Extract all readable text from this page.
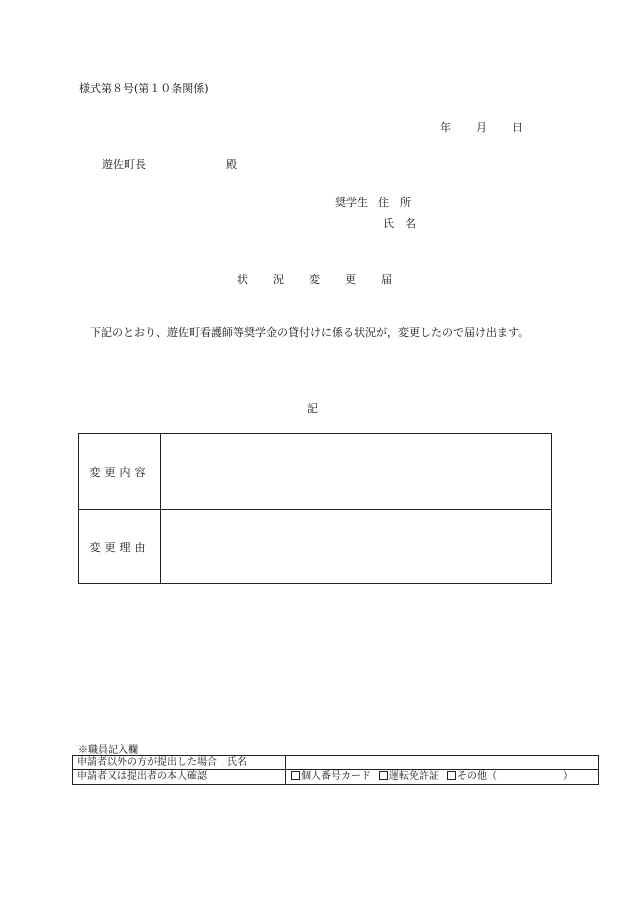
様式第８号(第１０条関係)
年 月 日
遊佐町長	殿
奨学生 住　所
氏　名
状況変更届
下記のとおり、遊佐町看護師等奨学金の貸付けに係る状況が，変更したので届け出ます。
記
変更内容
変更理由
※職員記入欄
申請者以外の方が提出した場合　氏名
申請者又は提出者の本人確認	個人番号カード 運転免許証 その他（	）
